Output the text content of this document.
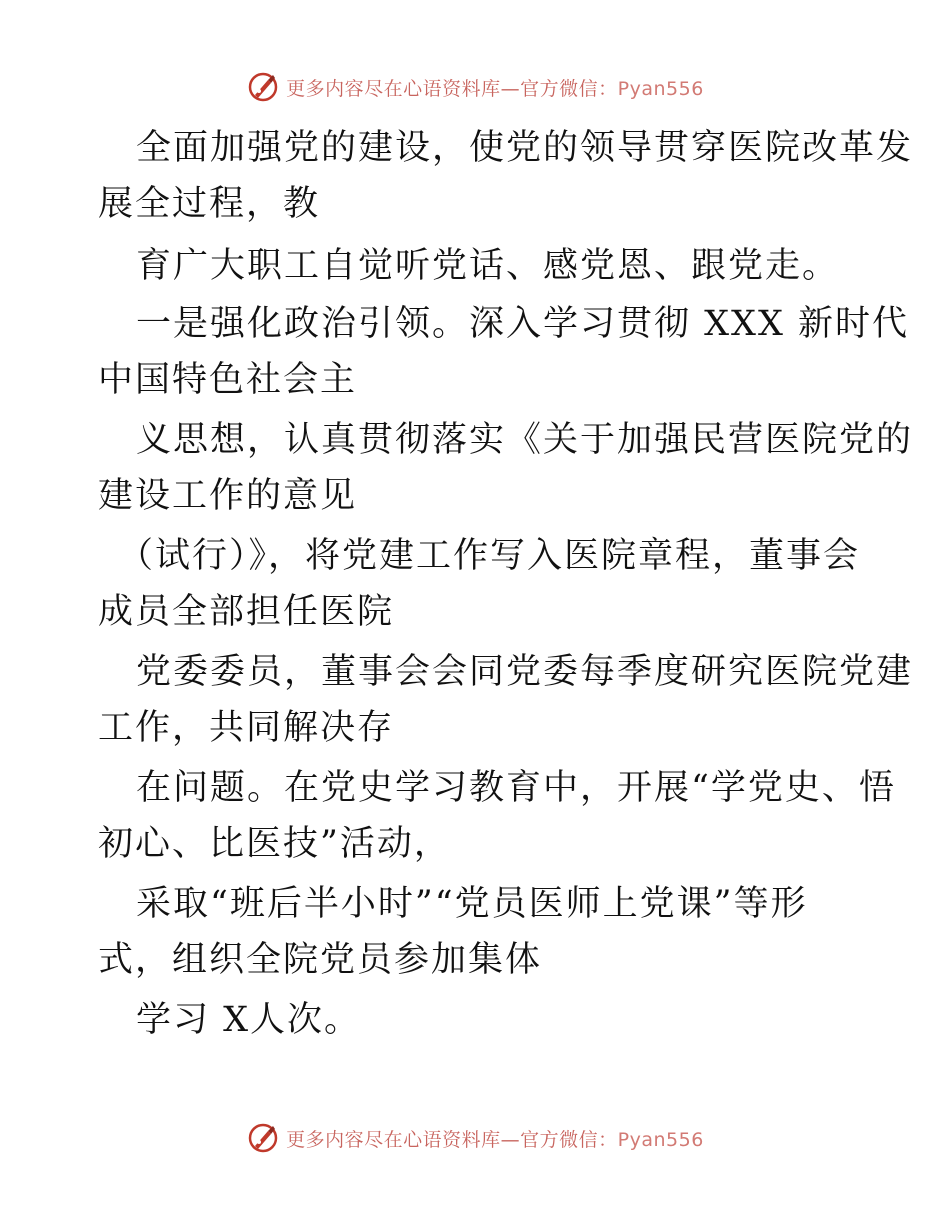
更多内容尽在心语资料库—官方微信：Pyan556
全面加强党的建设，使党的领导贯穿医院改革发
展全过程，教
育广大职工自觉听党话、感党恩、跟党走。
一是强化政治引领。深入学习贯彻 XXX 新时代
中国特色社会主
义思想，认真贯彻落实《关于加强民营医院党的
建设工作的意见
（试行）》，将党建工作写入医院章程，董事会
成员全部担任医院
党委委员，董事会会同党委每季度研究医院党建
工作，共同解决存
在问题。在党史学习教育中，开展“学党史、悟
初心、比医技”活动，
采取“班后半小时”“党员医师上党课”等形
式，组织全院党员参加集体
学习 X人次。
更多内容尽在心语资料库—官方微信：Pyan556
